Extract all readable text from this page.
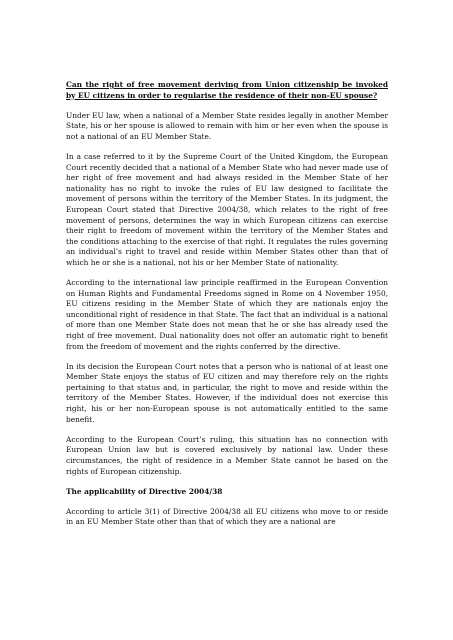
Can the right of free movement deriving from Union citizenship be invoked by EU citizens in order to regularise the residence of their non-EU spouse?

Under EU law, when a national of a Member State resides legally in another Member State, his or her spouse is allowed to remain with him or her even when the spouse is not a national of an EU Member State.

In a case referred to it by the Supreme Court of the United Kingdom, the European Court recently decided that a national of a Member State who had never made use of her right of free movement and had always resided in the Member State of her nationality has no right to invoke the rules of EU law designed to facilitate the movement of persons within the territory of the Member States. In its judgment, the European Court stated that Directive 2004/38, which relates to the right of free movement of persons, determines the way in which European citizens can exercise their right to freedom of movement within the territory of the Member States and the conditions attaching to the exercise of that right. It regulates the rules governing an individual’s right to travel and reside within Member States other than that of which he or she is a national, not his or her Member State of nationality.

According to the international law principle reaffirmed in the European Convention on Human Rights and Fundamental Freedoms signed in Rome on 4 November 1950, EU citizens residing in the Member State of which they are nationals enjoy the unconditional right of residence in that State. The fact that an individual is a national of more than one Member State does not mean that he or she has already used the right of free movement. Dual nationality does not offer an automatic right to benefit from the freedom of movement and the rights conferred by the directive.

In its decision the European Court notes that a person who is national of at least one Member State enjoys the status of EU citizen and may therefore rely on the rights pertaining to that status and, in particular, the right to move and reside within the territory of the Member States. However, if the individual does not exercise this right, his or her non-European spouse is not automatically entitled to the same benefit.

According to the European Court’s ruling, this situation has no connection with European Union law but is covered exclusively by national law. Under these circumstances, the right of residence in a Member State cannot be based on the rights of European citizenship.

The applicability of Directive 2004/38

According to article 3(1) of Directive 2004/38 all EU citizens who move to or reside in an EU Member State other than that of which they are a national are
